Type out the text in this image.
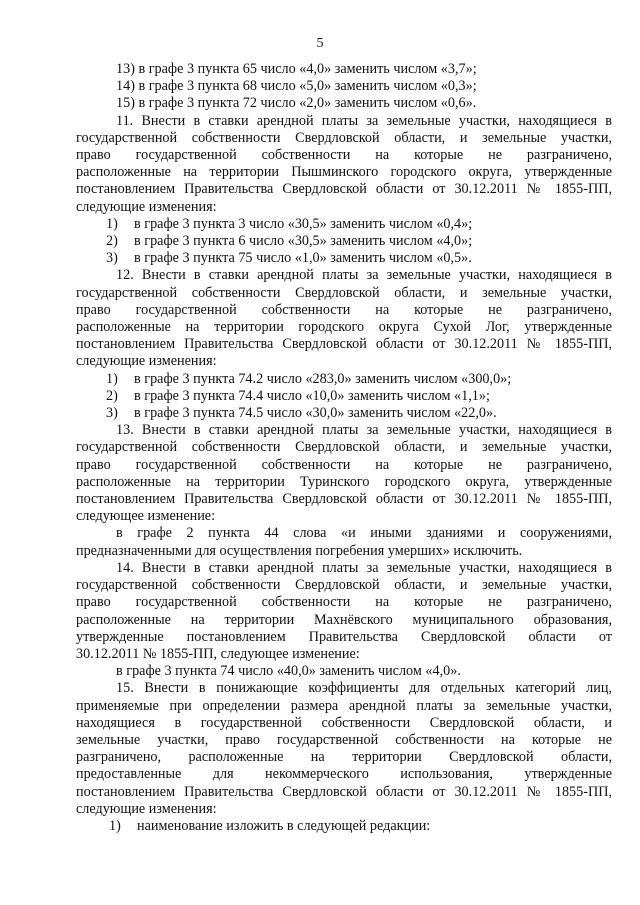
5
13) в графе 3 пункта 65 число «4,0» заменить числом «3,7»;
14) в графе 3 пункта 68 число «5,0» заменить числом «0,3»;
15) в графе 3 пункта 72 число «2,0» заменить числом «0,6».
11. Внести в ставки арендной платы за земельные участки, находящиеся в
государственной собственности Свердловской области, и земельные участки,
право государственной собственности на которые не разграничено,
расположенные на территории Пышминского городского округа, утвержденные
постановлением Правительства Свердловской области от 30.12.2011 № 1855-ПП,
следующие изменения:
1) в графе 3 пункта 3 число «30,5» заменить числом «0,4»;
2) в графе 3 пункта 6 число «30,5» заменить числом «4,0»;
3) в графе 3 пункта 75 число «1,0» заменить числом «0,5».
12. Внести в ставки арендной платы за земельные участки, находящиеся в
государственной собственности Свердловской области, и земельные участки,
право государственной собственности на которые не разграничено,
расположенные на территории городского округа Сухой Лог, утвержденные
постановлением Правительства Свердловской области от 30.12.2011 № 1855-ПП,
следующие изменения:
1) в графе 3 пункта 74.2 число «283,0» заменить числом «300,0»;
2) в графе 3 пункта 74.4 число «10,0» заменить числом «1,1»;
3) в графе 3 пункта 74.5 число «30,0» заменить числом «22,0».
13. Внести в ставки арендной платы за земельные участки, находящиеся в
государственной собственности Свердловской области, и земельные участки,
право государственной собственности на которые не разграничено,
расположенные на территории Туринского городского округа, утвержденные
постановлением Правительства Свердловской области от 30.12.2011 № 1855-ПП,
следующее изменение:
в графе 2 пункта 44 слова «и иными зданиями и сооружениями,
предназначенными для осуществления погребения умерших» исключить.
14. Внести в ставки арендной платы за земельные участки, находящиеся в
государственной собственности Свердловской области, и земельные участки,
право государственной собственности на которые не разграничено,
расположенные на территории Махнёвского муниципального образования,
утвержденные постановлением Правительства Свердловской области от
30.12.2011 № 1855-ПП, следующее изменение:
в графе 3 пункта 74 число «40,0» заменить числом «4,0».
15. Внести в понижающие коэффициенты для отдельных категорий лиц,
применяемые при определении размера арендной платы за земельные участки,
находящиеся в государственной собственности Свердловской области, и
земельные участки, право государственной собственности на которые не
разграничено, расположенные на территории Свердловской области,
предоставленные для некоммерческого использования, утвержденные
постановлением Правительства Свердловской области от 30.12.2011 № 1855-ПП,
следующие изменения:
1) наименование изложить в следующей редакции:
